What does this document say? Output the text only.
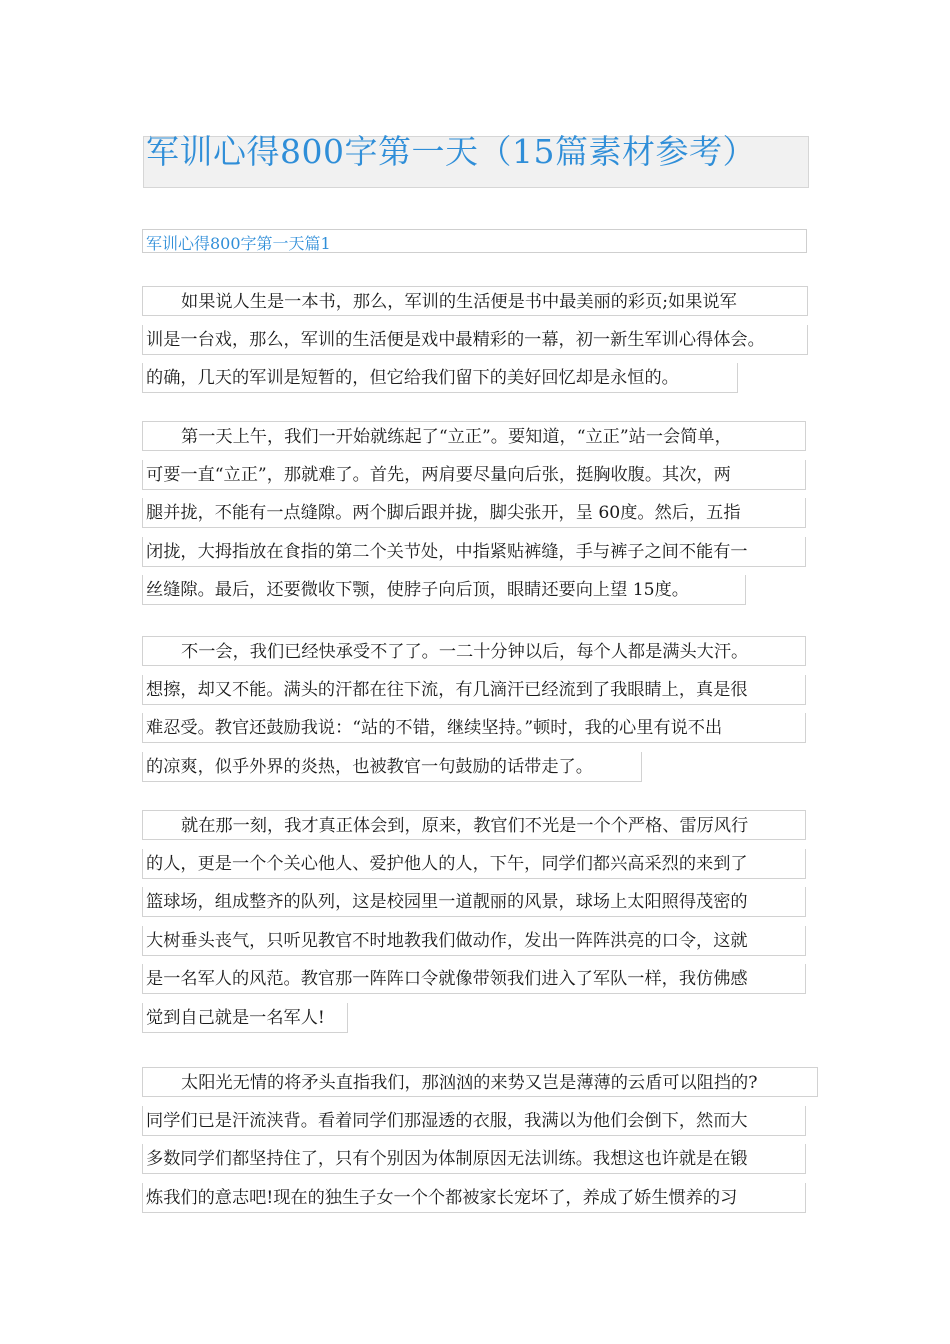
军训心得800字第一天（15篇素材参考）
军训心得800字第一天篇1
如果说人生是一本书，那么，军训的生活便是书中最美丽的彩页;如果说军
训是一台戏，那么，军训的生活便是戏中最精彩的一幕，初一新生军训心得体会。
的确，几天的军训是短暂的，但它给我们留下的美好回忆却是永恒的。
第一天上午，我们一开始就练起了“立正”。要知道，“立正”站一会简单，
可要一直“立正”，那就难了。首先，两肩要尽量向后张，挺胸收腹。其次，两
腿并拢，不能有一点缝隙。两个脚后跟并拢，脚尖张开，呈 60度。然后，五指
闭拢，大拇指放在食指的第二个关节处，中指紧贴裤缝，手与裤子之间不能有一
丝缝隙。最后，还要微收下颚，使脖子向后顶，眼睛还要向上望 15度。
不一会，我们已经快承受不了了。一二十分钟以后，每个人都是满头大汗。
想擦，却又不能。满头的汗都在往下流，有几滴汗已经流到了我眼睛上，真是很
难忍受。教官还鼓励我说：“站的不错，继续坚持。”顿时，我的心里有说不出
的凉爽，似乎外界的炎热，也被教官一句鼓励的话带走了。
就在那一刻，我才真正体会到，原来，教官们不光是一个个严格、雷厉风行
的人，更是一个个关心他人、爱护他人的人，下午，同学们都兴高采烈的来到了
篮球场，组成整齐的队列，这是校园里一道靓丽的风景，球场上太阳照得茂密的
大树垂头丧气，只听见教官不时地教我们做动作，发出一阵阵洪亮的口令，这就
是一名军人的风范。教官那一阵阵口令就像带领我们进入了军队一样，我仿佛感
觉到自己就是一名军人!
太阳光无情的将矛头直指我们，那汹汹的来势又岂是薄薄的云盾可以阻挡的?
同学们已是汗流浃背。看着同学们那湿透的衣服，我满以为他们会倒下，然而大
多数同学们都坚持住了，只有个别因为体制原因无法训练。我想这也许就是在锻
炼我们的意志吧!现在的独生子女一个个都被家长宠坏了，养成了娇生惯养的习
